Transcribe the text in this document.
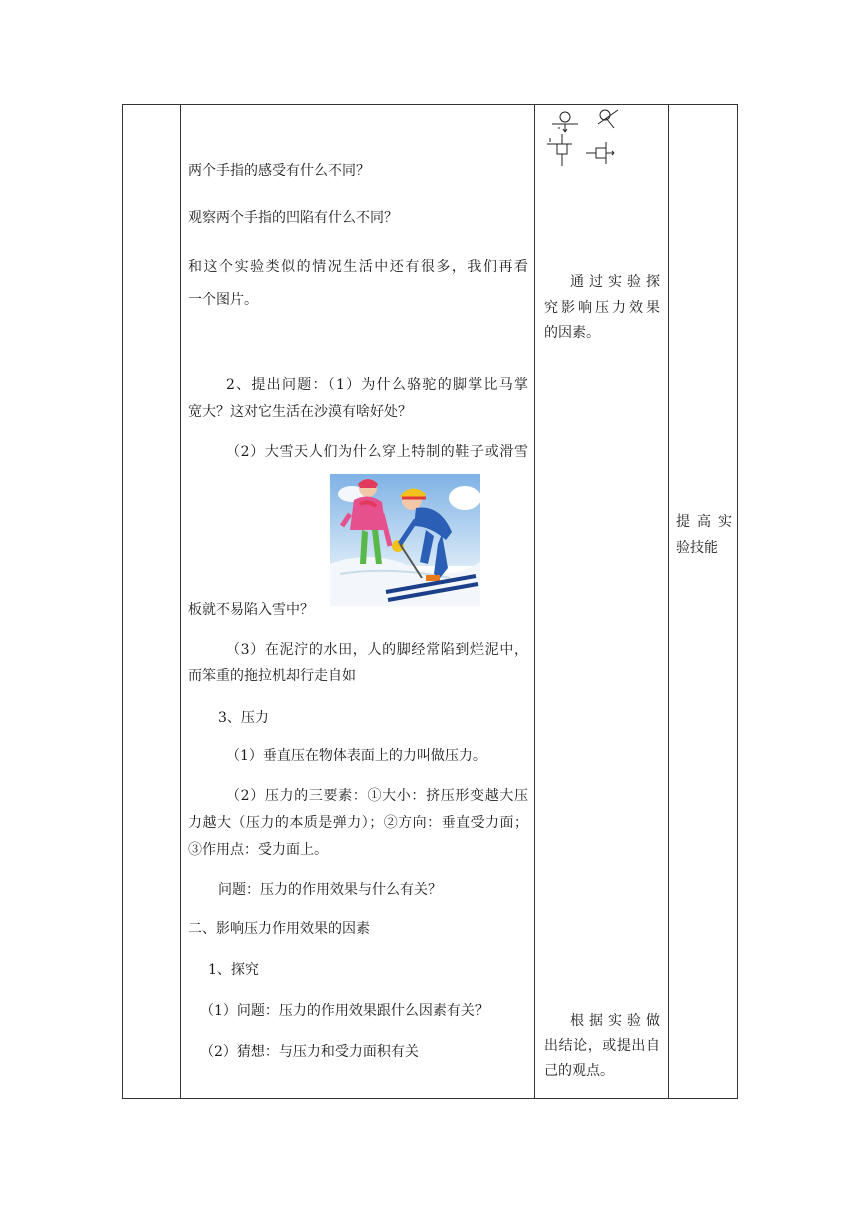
两个手指的感受有什么不同？
观察两个手指的凹陷有什么不同？
和这个实验类似的情况生活中还有很多，我们再看
一个图片。
2、提出问题：（1）为什么骆驼的脚掌比马掌
宽大？这对它生活在沙漠有啥好处？
（2）大雪天人们为什么穿上特制的鞋子或滑雪
板就不易陷入雪中？
（3）在泥泞的水田，人的脚经常陷到烂泥中，
而笨重的拖拉机却行走自如
3、压力
（1）垂直压在物体表面上的力叫做压力。
（2）压力的三要素：①大小：挤压形变越大压
力越大（压力的本质是弹力）；②方向：垂直受力面；
③作用点：受力面上。
问题：压力的作用效果与什么有关？
二、影响压力作用效果的因素
1、探究
（1）问题：压力的作用效果跟什么因素有关？
（2）猜想：与压力和受力面积有关
通过实验探
究影响压力效果
的因素。
根据实验做
出结论，或提出自
己的观点。
提高实
验技能
